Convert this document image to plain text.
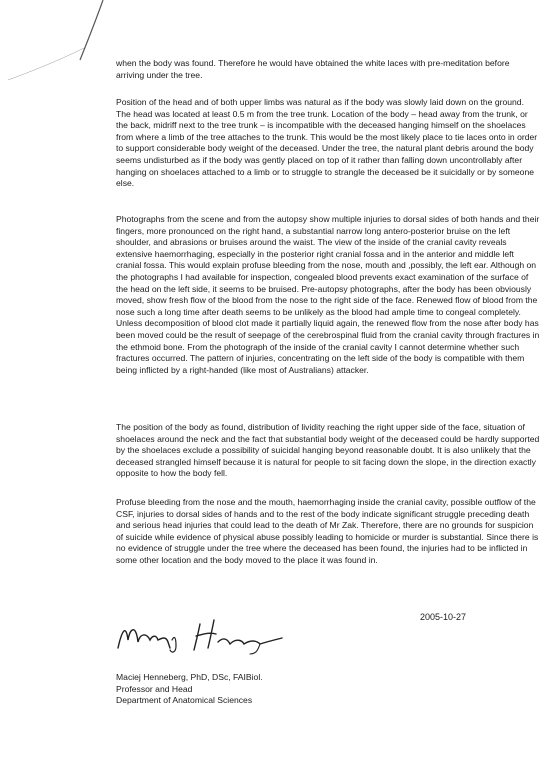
when the body was found. Therefore he would have obtained the white laces with pre-meditation before arriving under the tree.

Position of the head and of both upper limbs was natural as if the body was slowly laid down on the ground. The head was located at least 0.5 m from the tree trunk. Location of the body – head away from the trunk, or the back, midriff next to the tree trunk – is incompatible with the deceased hanging himself on the shoelaces from where a limb of the tree attaches to the trunk. This would be the most likely place to tie laces onto in order to support considerable body weight of the deceased. Under the tree, the natural plant debris around the body seems undisturbed as if the body was gently placed on top of it rather than falling down uncontrollably after hanging on shoelaces attached to a limb or to struggle to strangle the deceased be it suicidally or by someone else.

Photographs from the scene and from the autopsy show multiple injuries to dorsal sides of both hands and their fingers, more pronounced on the right hand, a substantial narrow long antero-posterior bruise on the left shoulder, and abrasions or bruises around the waist. The view of the inside of the cranial cavity reveals extensive haemorrhaging, especially in the posterior right cranial fossa and in the anterior and middle left cranial fossa. This would explain profuse bleeding from the nose, mouth and ,possibly, the left ear. Although on the photographs I had available for inspection, congealed blood prevents exact examination of the surface of the head on the left side, it seems to be bruised. Pre-autopsy photographs, after the body has been obviously moved, show fresh flow of the blood from the nose to the right side of the face. Renewed flow of blood from the nose such a long time after death seems to be unlikely as the blood had ample time to congeal completely. Unless decomposition of blood clot made it partially liquid again, the renewed flow from the nose after body has been moved could be the result of seepage of the cerebrospinal fluid from the cranial cavity through fractures in the ethmoid bone. From the photograph of the inside of the cranial cavity I cannot determine whether such fractures occurred. The pattern of injuries, concentrating on the left side of the body is compatible with them being inflicted by a right-handed (like most of Australians) attacker.

The position of the body as found, distribution of lividity reaching the right upper side of the face, situation of shoelaces around the neck and the fact that substantial body weight of the deceased could be hardly supported by the shoelaces exclude a possibility of suicidal hanging beyond reasonable doubt. It is also unlikely that the deceased strangled himself because it is natural for people to sit facing down the slope, in the direction exactly opposite to how the body fell.

Profuse bleeding from the nose and the mouth, haemorrhaging inside the cranial cavity, possible outflow of the CSF, injuries to dorsal sides of hands and to the rest of the body indicate significant struggle preceding death and serious head injuries that could lead to the death of Mr Zak. Therefore, there are no grounds for suspicion of suicide while evidence of physical abuse possibly leading to homicide or murder is substantial. Since there is no evidence of struggle under the tree where the deceased has been found, the injuries had to be inflicted in some other location and the body moved to the place it was found in.

2005-10-27
Maciej Henneberg, PhD, DSc, FAIBiol.
Professor and Head
Department of Anatomical Sciences
